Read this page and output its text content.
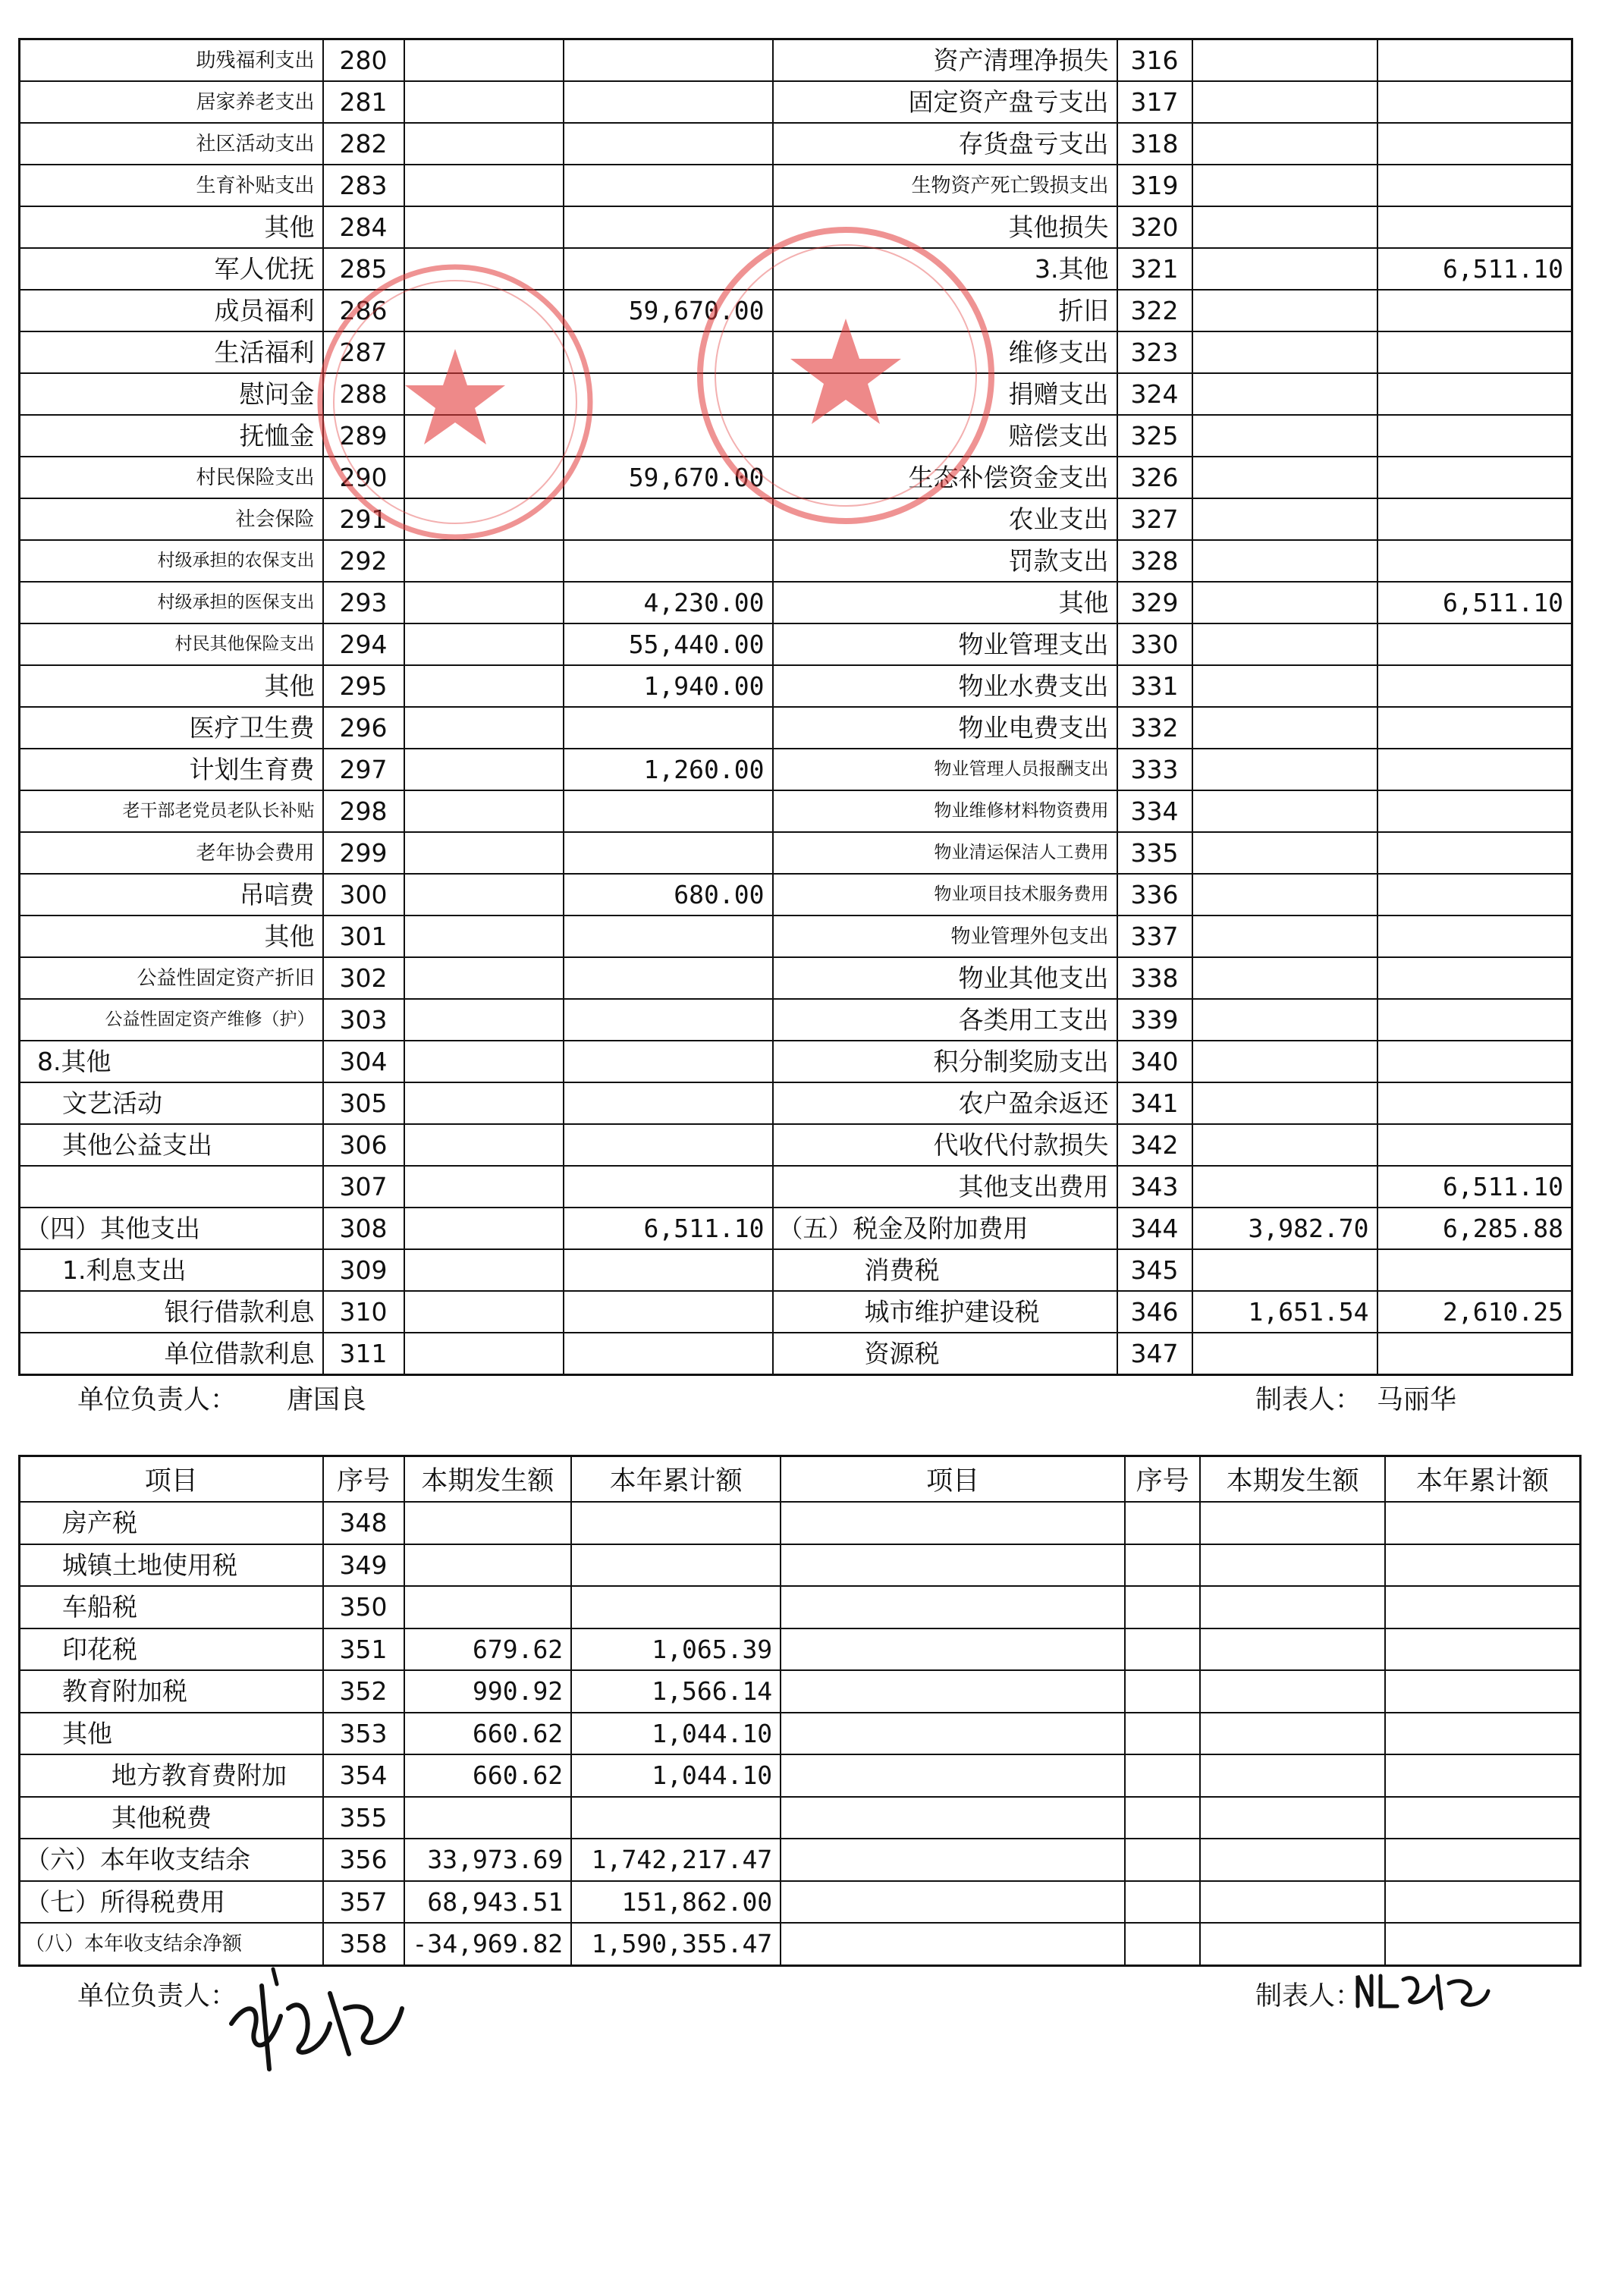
助残福利支出	280			资产清理净损失	316		
居家养老支出	281			固定资产盘亏支出	317		
社区活动支出	282			存货盘亏支出	318		
生育补贴支出	283			生物资产死亡毁损支出	319		
其他	284			其他损失	320		
军人优抚	285			3.其他	321		6,511.10
成员福利	286		59,670.00	折旧	322		
生活福利	287			维修支出	323		
慰问金	288			捐赠支出	324		
抚恤金	289			赔偿支出	325		
村民保险支出	290		59,670.00	生态补偿资金支出	326		
社会保险	291			农业支出	327		
村级承担的农保支出	292			罚款支出	328		
村级承担的医保支出	293		4,230.00	其他	329		6,511.10
村民其他保险支出	294		55,440.00	物业管理支出	330		
其他	295		1,940.00	物业水费支出	331		
医疗卫生费	296			物业电费支出	332		
计划生育费	297		1,260.00	物业管理人员报酬支出	333		
老干部老党员老队长补贴	298			物业维修材料物资费用	334		
老年协会费用	299			物业清运保洁人工费用	335		
吊唁费	300		680.00	物业项目技术服务费用	336		
其他	301			物业管理外包支出	337		
公益性固定资产折旧	302			物业其他支出	338		
公益性固定资产维修（护）	303			各类用工支出	339		
8.其他	304			积分制奖励支出	340		
文艺活动	305			农户盈余返还	341		
其他公益支出	306			代收代付款损失	342		
	307			其他支出费用	343		6,511.10
（四）其他支出	308		6,511.10	（五）税金及附加费用	344	3,982.70	6,285.88
1.利息支出	309			消费税	345		
银行借款利息	310			城市维护建设税	346	1,651.54	2,610.25
单位借款利息	311			资源税	347		
单位负责人： 唐国良	制表人： 马丽华
项目	序号	本期发生额	本年累计额	项目	序号	本期发生额	本年累计额
房产税	348						
城镇土地使用税	349						
车船税	350						
印花税	351	679.62	1,065.39				
教育附加税	352	990.92	1,566.14				
其他	353	660.62	1,044.10				
地方教育费附加	354	660.62	1,044.10				
其他税费	355						
（六）本年收支结余	356	33,973.69	1,742,217.47				
（七）所得税费用	357	68,943.51	151,862.00				
（八）本年收支结余净额	358	-34,969.82	1,590,355.47				
单位负责人：	制表人：
